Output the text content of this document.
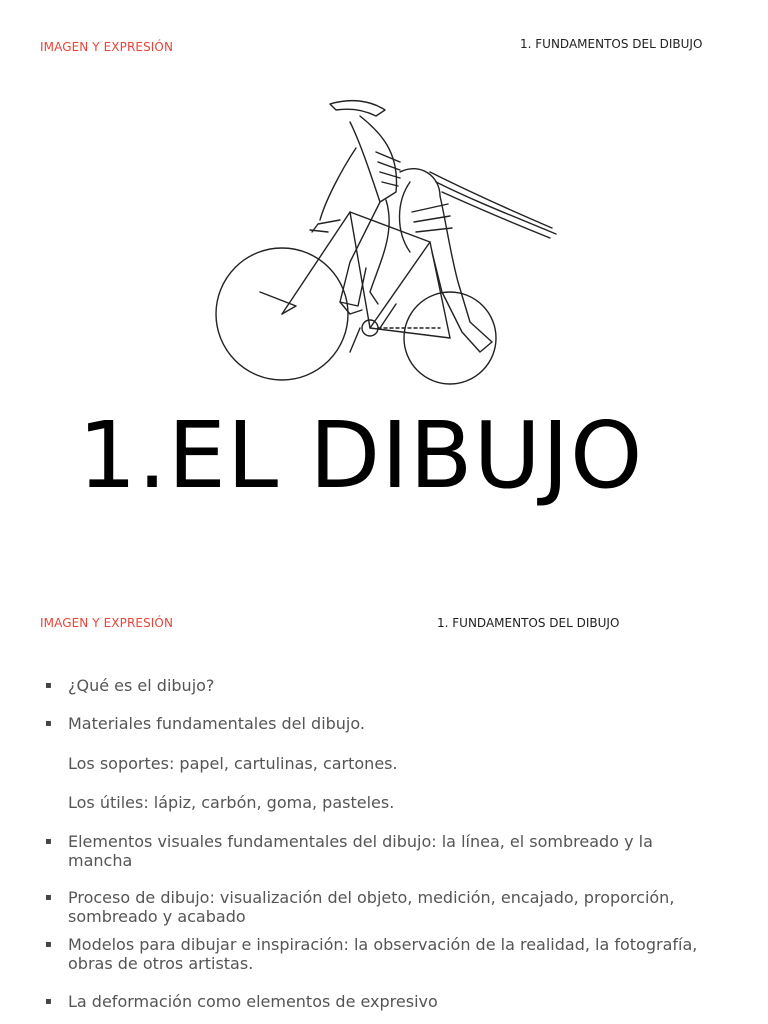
IMAGEN Y EXPRESIÓN	1. FUNDAMENTOS DEL DIBUJO
1.EL DIBUJO
IMAGEN Y EXPRESIÓN	1. FUNDAMENTOS DEL DIBUJO
▪ ¿Qué es el dibujo?
▪ Materiales fundamentales del dibujo.
Los soportes: papel, cartulinas, cartones.
Los útiles: lápiz, carbón, goma, pasteles.
▪ Elementos visuales fundamentales del dibujo: la línea, el sombreado y la mancha
▪ Proceso de dibujo: visualización del objeto, medición, encajado, proporción, sombreado y acabado
▪ Modelos para dibujar e inspiración: la observación de la realidad, la fotografía, obras de otros artistas.
▪ La deformación como elementos de expresivo
